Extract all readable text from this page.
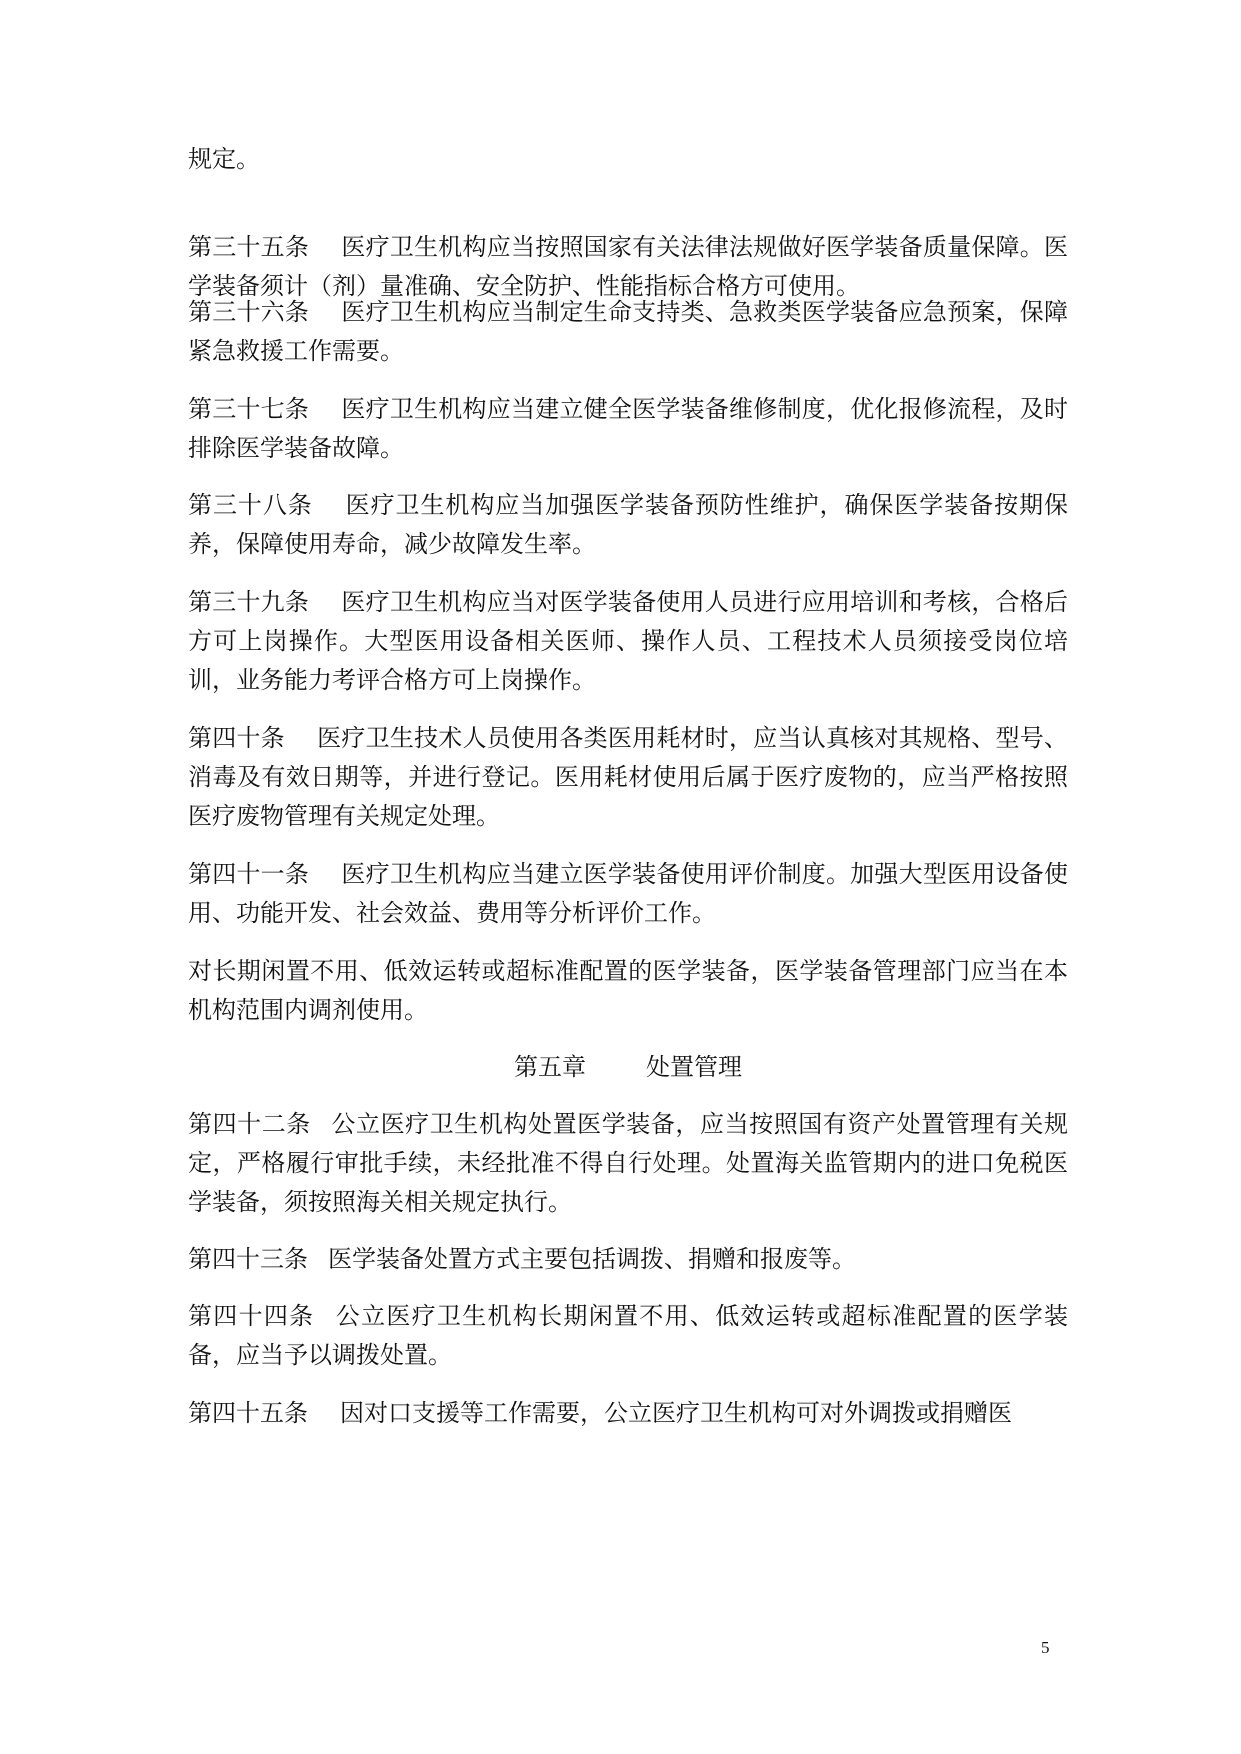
规定。

第三十五条 医疗卫生机构应当按照国家有关法律法规做好医学装备质量保障。医学装备须计（剂）量准确、安全防护、性能指标合格方可使用。

第三十六条 医疗卫生机构应当制定生命支持类、急救类医学装备应急预案，保障紧急救援工作需要。

第三十七条 医疗卫生机构应当建立健全医学装备维修制度，优化报修流程，及时排除医学装备故障。

第三十八条 医疗卫生机构应当加强医学装备预防性维护，确保医学装备按期保养，保障使用寿命，减少故障发生率。

第三十九条 医疗卫生机构应当对医学装备使用人员进行应用培训和考核，合格后方可上岗操作。大型医用设备相关医师、操作人员、工程技术人员须接受岗位培训，业务能力考评合格方可上岗操作。

第四十条 医疗卫生技术人员使用各类医用耗材时，应当认真核对其规格、型号、消毒及有效日期等，并进行登记。医用耗材使用后属于医疗废物的，应当严格按照医疗废物管理有关规定处理。

第四十一条 医疗卫生机构应当建立医学装备使用评价制度。加强大型医用设备使用、功能开发、社会效益、费用等分析评价工作。

对长期闲置不用、低效运转或超标准配置的医学装备，医学装备管理部门应当在本机构范围内调剂使用。

第五章	处置管理

第四十二条 公立医疗卫生机构处置医学装备，应当按照国有资产处置管理有关规定，严格履行审批手续，未经批准不得自行处理。处置海关监管期内的进口免税医学装备，须按照海关相关规定执行。

第四十三条 医学装备处置方式主要包括调拨、捐赠和报废等。

第四十四条 公立医疗卫生机构长期闲置不用、低效运转或超标准配置的医学装备，应当予以调拨处置。

第四十五条 因对口支援等工作需要，公立医疗卫生机构可对外调拨或捐赠医

5
